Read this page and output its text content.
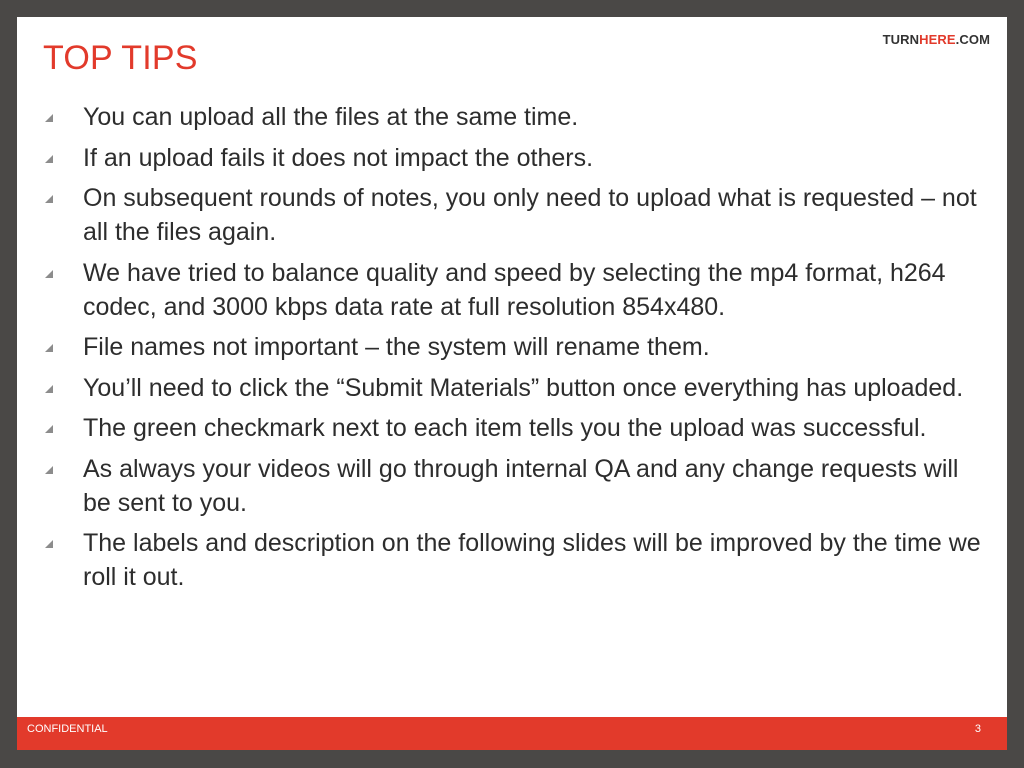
TOP TIPS	TURNHERE.COM
You can upload all the files at the same time.
If an upload fails it does not impact the others.
On subsequent rounds of notes, you only need to upload what is requested – not all the files again.
We have tried to balance quality and speed by selecting the mp4 format, h264 codec, and 3000 kbps data rate at full resolution 854x480.
File names not important – the system will rename them.
You’ll need to click the “Submit Materials” button once everything has uploaded.
The green checkmark next to each item tells you the upload was successful.
As always your videos will go through internal QA and any change requests will be sent to you.
The labels and description on the following slides will be improved by the time we roll it out.
CONFIDENTIAL	3
